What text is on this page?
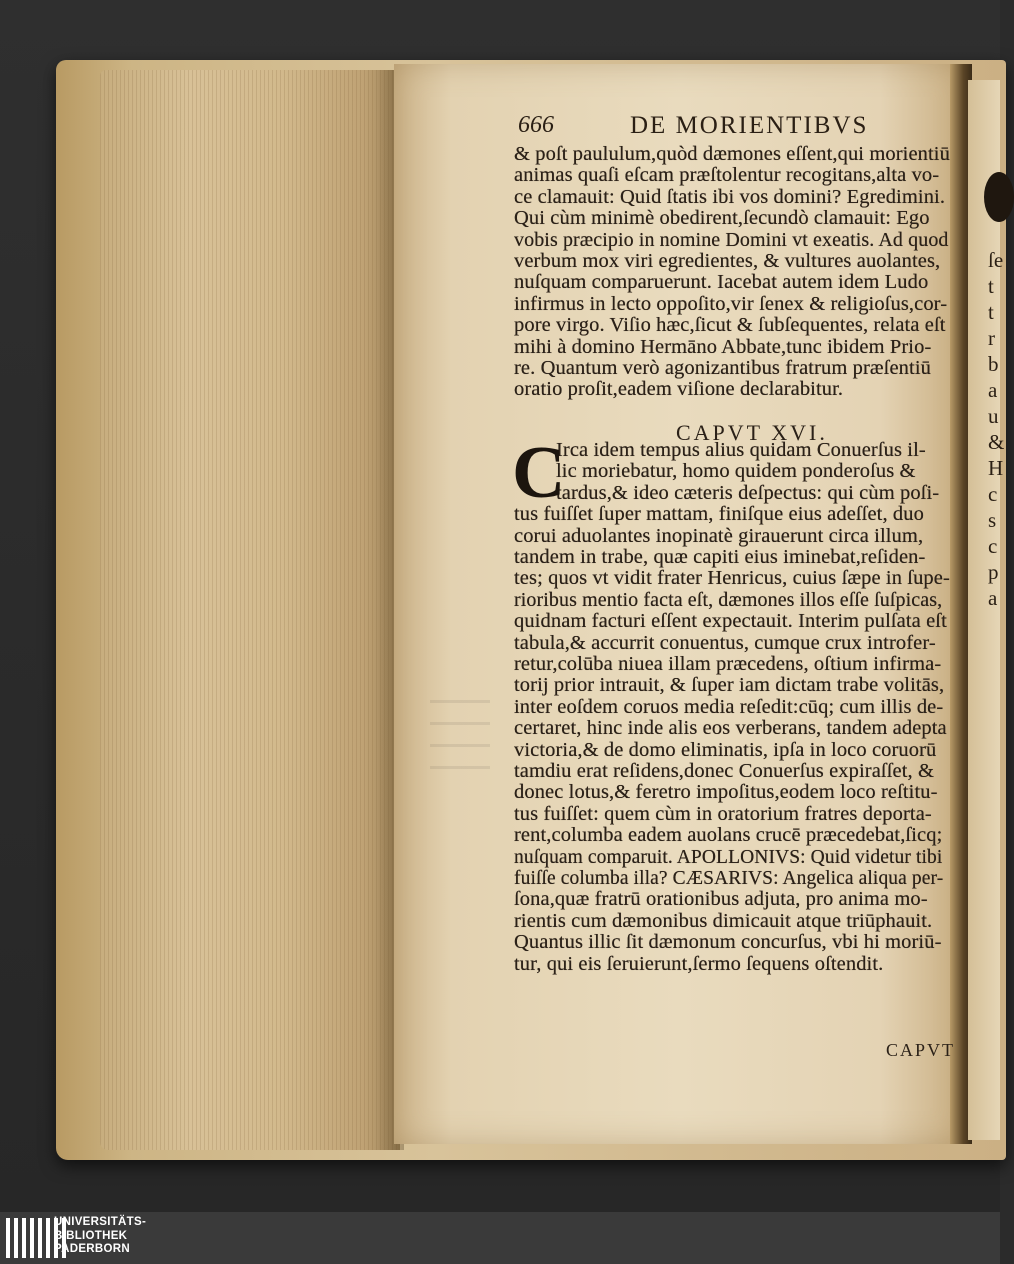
ſe
t
t
r
b
a
u
&
H
c
s
c
p
a
666	DE MORIENTIBVS
& poſt paululum,quòd dæmones eſſent,qui morientiū
animas quaſi eſcam præſtolentur recogitans,alta vo-
ce clamauit: Quid ſtatis ibi vos domini? Egredimini.
Qui cùm minimè obedirent,ſecundò clamauit: Ego
vobis præcipio in nomine Domini vt exeatis. Ad quod
verbum mox viri egredientes, & vultures auolantes,
nuſquam comparuerunt. Iacebat autem idem Ludo
infirmus in lecto oppoſito,vir ſenex & religioſus,cor-
pore virgo. Viſio hæc,ſicut & ſubſequentes, relata eſt
mihi à domino Hermāno Abbate,tunc ibidem Prio-
re. Quantum verò agonizantibus fratrum præſentiū
oratio proſit,eadem viſione declarabitur.
Irca idem tempus alius quidam Conuerſus il-
lic moriebatur, homo quidem ponderoſus &
tardus,& ideo cæteris deſpectus: qui cùm poſi-
tus fuiſſet ſuper mattam, finiſque eius adeſſet, duo
corui aduolantes inopinatè girauerunt circa illum,
tandem in trabe, quæ capiti eius iminebat,reſiden-
tes; quos vt vidit frater Henricus, cuius ſæpe in ſupe-
rioribus mentio facta eſt, dæmones illos eſſe ſuſpicas,
quidnam facturi eſſent expectauit. Interim pulſata eſt
tabula,& accurrit conuentus, cumque crux introfer-
retur,colūba niuea illam præcedens, oſtium infirma-
torij prior intrauit, & ſuper iam dictam trabe volitās,
inter eoſdem coruos media reſedit:cūq; cum illis de-
certaret, hinc inde alis eos verberans, tandem adepta
victoria,& de domo eliminatis, ipſa in loco coruorū
tamdiu erat reſidens,donec Conuerſus expiraſſet, &
donec lotus,& feretro impoſitus,eodem loco reſtitu-
tus fuiſſet: quem cùm in oratorium fratres deporta-
rent,columba eadem auolans crucē præcedebat,ſicq;
nuſquam comparuit. APOLLONIVS: Quid videtur tibi
fuiſſe columba illa? CÆSARIVS: Angelica aliqua per-
ſona,quæ fratrū orationibus adjuta, pro anima mo-
rientis cum dæmonibus dimicauit atque triūphauit.
Quantus illic ſit dæmonum concurſus, vbi hi moriū-
tur, qui eis ſeruierunt,ſermo ſequens oſtendit.
CAPVT XVI.
C
CAPVT
UNIVERSITÄTS-
BIBLIOTHEK
PADERBORN
